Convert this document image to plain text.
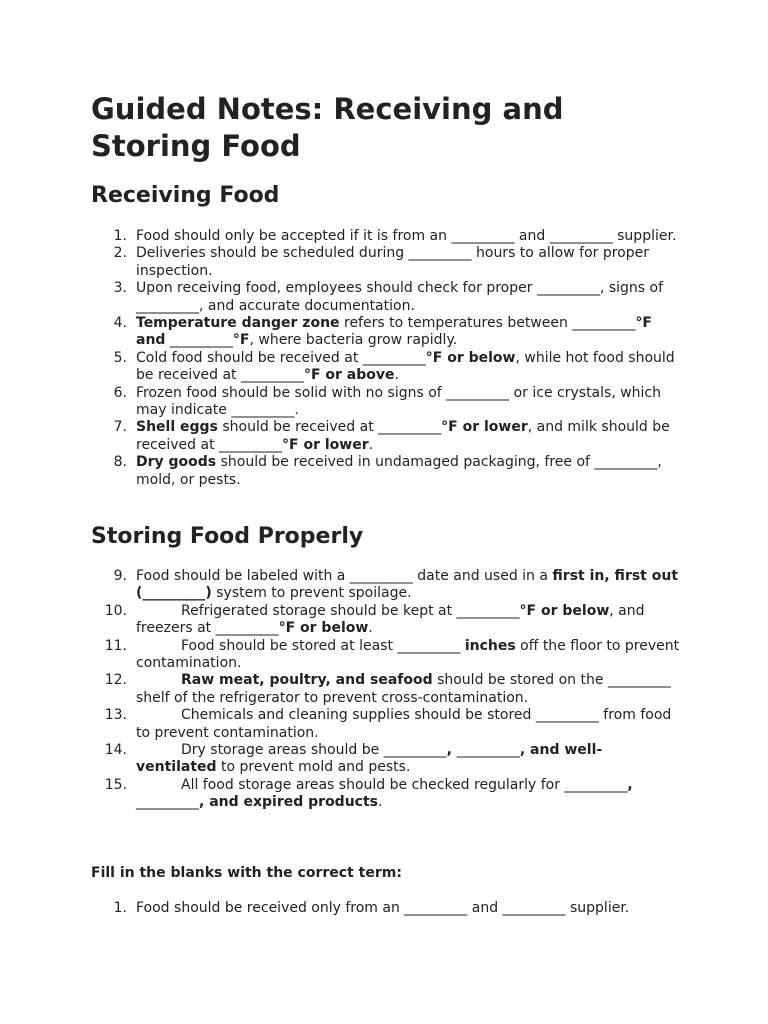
Guided Notes: Receiving and Storing Food
Receiving Food
1. Food should only be accepted if it is from an _________ and _________ supplier.
2. Deliveries should be scheduled during _________ hours to allow for proper inspection.
3. Upon receiving food, employees should check for proper _________, signs of _________, and accurate documentation.
4. Temperature danger zone refers to temperatures between _________°F and _________°F, where bacteria grow rapidly.
5. Cold food should be received at _________°F or below, while hot food should be received at _________°F or above.
6. Frozen food should be solid with no signs of _________ or ice crystals, which may indicate _________.
7. Shell eggs should be received at _________°F or lower, and milk should be received at _________°F or lower.
8. Dry goods should be received in undamaged packaging, free of _________, mold, or pests.
Storing Food Properly
9. Food should be labeled with a _________ date and used in a first in, first out (_________) system to prevent spoilage.
10.	Refrigerated storage should be kept at _________°F or below, and freezers at _________°F or below.
11.	Food should be stored at least _________ inches off the floor to prevent contamination.
12.	Raw meat, poultry, and seafood should be stored on the _________ shelf of the refrigerator to prevent cross-contamination.
13.	Chemicals and cleaning supplies should be stored _________ from food to prevent contamination.
14.	Dry storage areas should be _________, _________, and well-ventilated to prevent mold and pests.
15.	All food storage areas should be checked regularly for _________, _________, and expired products.

Fill in the blanks with the correct term:

1. Food should be received only from an _________ and _________ supplier.
